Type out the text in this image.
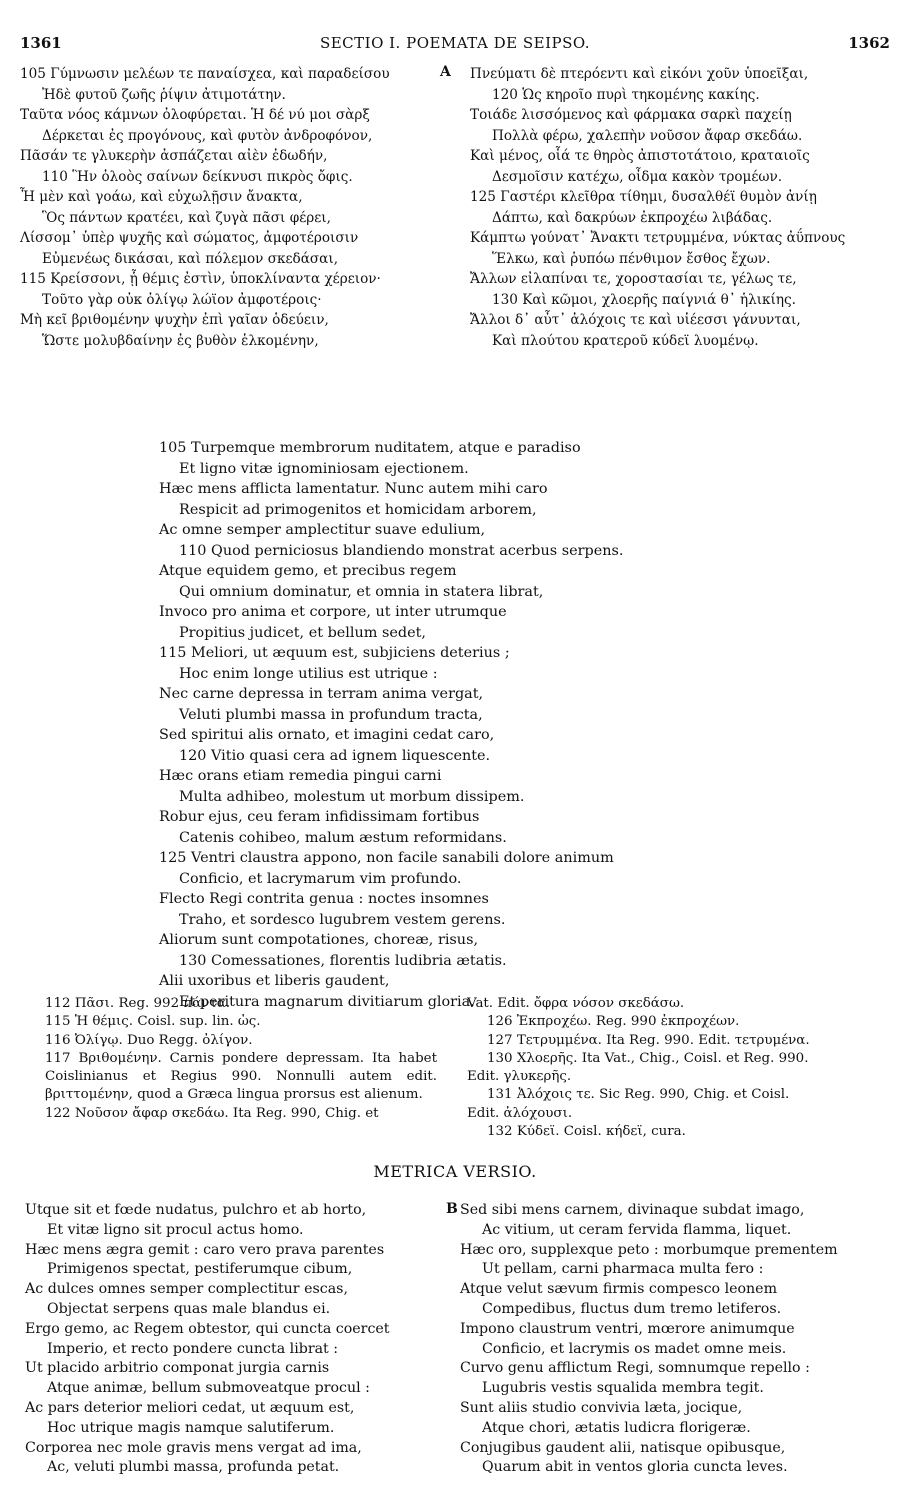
1361	SECTIO I. POEMATA DE SEIPSO.	1362
105 Γύμνωσιν μελέων τε παναίσχεα, καὶ παραδείσου
Ἠδὲ φυτοῦ ζωῆς ῥίψιν ἀτιμοτάτην.
Ταῦτα νόος κάμνων ὀλοφύρεται. Ἡ δέ νύ μοι σὰρξ
Δέρκεται ἐς προγόνους, καὶ φυτὸν ἀνδροφόνον,
Πᾶσάν τε γλυκερὴν ἀσπάζεται αἰὲν ἐδωδήν,
110 Ἣν ὀλοὸς σαίνων δείκνυσι πικρὸς ὄφις.
Ἦ μὲν καὶ γοάω, καὶ εὐχωλῇσιν ἄνακτα,
Ὃς πάντων κρατέει, καὶ ζυγὰ πᾶσι φέρει,
Λίσσομ᾽ ὑπὲρ ψυχῆς καὶ σώματος, ἀμφοτέροισιν
Εὐμενέως δικάσαι, καὶ πόλεμον σκεδάσαι,
115 Κρείσσονι, ᾗ θέμις ἐστὶν, ὑποκλίναντα χέρειον·
Τοῦτο γὰρ οὐκ ὀλίγῳ λώϊον ἀμφοτέροις·
Μὴ κεῖ βριθομένην ψυχὴν ἐπὶ γαῖαν ὁδεύειν,
Ὥστε μολυβδαίνην ἐς βυθὸν ἑλκομένην,
A Πνεύματι δὲ πτερόεντι καὶ εἰκόνι χοῦν ὑποεῖξαι,
120 Ὡς κηροῖο πυρὶ τηκομένης κακίης.
Τοιάδε λισσόμενος καὶ φάρμακα σαρκὶ παχείῃ
Πολλὰ φέρω, χαλεπὴν νοῦσον ἄφαρ σκεδάω.
Καὶ μένος, οἷά τε θηρὸς ἀπιστοτάτοιο, κραταιοῖς
Δεσμοῖσιν κατέχω, οἶδμα κακὸν τρομέων.
125 Γαστέρι κλεῖθρα τίθημι, δυσαλθέϊ θυμὸν ἀνίῃ
Δάπτω, καὶ δακρύων ἐκπροχέω λιβάδας.
Κάμπτω γούνατ᾽ Ἄνακτι τετρυμμένα, νύκτας ἀΰπνους
Ἕλκω, καὶ ῥυπόω πένθιμον ἔσθος ἔχων.
Ἄλλων εἰλαπίναι τε, χοροστασίαι τε, γέλως τε,
130 Καὶ κῶμοι, χλοερῆς παίγνιά θ᾽ ἡλικίης.
Ἄλλοι δ᾽ αὖτ᾽ ἀλόχοις τε καὶ υἱέεσσι γάνυνται,
Καὶ πλούτου κρατεροῦ κύδεϊ λυομένῳ.
105 Turpemque membrorum nuditatem, atque e paradiso
Et ligno vitæ ignominiosam ejectionem.
Hæc mens afflicta lamentatur. Nunc autem mihi caro
Respicit ad primogenitos et homicidam arborem,
Ac omne semper amplectitur suave edulium,
110 Quod perniciosus blandiendo monstrat acerbus serpens.
Atque equidem gemo, et precibus regem
Qui omnium dominatur, et omnia in statera librat,
Invoco pro anima et corpore, ut inter utrumque
Propitius judicet, et bellum sedet,
115 Meliori, ut æquum est, subjiciens deterius ;
Hoc enim longe utilius est utrique :
Nec carne depressa in terram anima vergat,
Veluti plumbi massa in profundum tracta,
Sed spiritui alis ornato, et imagini cedat caro,
120 Vitio quasi cera ad ignem liquescente.
Hæc orans etiam remedia pingui carni
Multa adhibeo, molestum ut morbum dissipem.
Robur ejus, ceu feram infidissimam fortibus
Catenis cohibeo, malum æstum reformidans.
125 Ventri claustra appono, non facile sanabili dolore animum
Conficio, et lacrymarum vim profundo.
Flecto Regi contrita genua : noctes insomnes
Traho, et sordesco lugubrem vestem gerens.
Aliorum sunt compotationes, choreæ, risus,
130 Comessationes, florentis ludibria ætatis.
Alii uxoribus et liberis gaudent,
Et peritura magnarum divitiarum gloria.
112 Πᾶσι. Reg. 992 πάντα.
115 Ἡ θέμις. Coisl. sup. lin. ὡς.
116 Ὀλίγῳ. Duo Regg. ὀλίγον.
117 Βριθομένην. Carnis pondere depressam. Ita habet Coislinianus et Regius 990. Nonnulli autem edit. βριττομένην, quod a Græca lingua prorsus est alienum.
122 Νοῦσον ἄφαρ σκεδάω. Ita Reg. 990, Chig. et
Vat. Edit. ὄφρα νόσον σκεδάσω.
126 Ἐκπροχέω. Reg. 990 ἐκπροχέων.
127 Τετρυμμένα. Ita Reg. 990. Edit. τετρυμένα.
130 Χλοερῆς. Ita Vat., Chig., Coisl. et Reg. 990.
Edit. γλυκερῆς.
131 Ἀλόχοις τε. Sic Reg. 990, Chig. et Coisl.
Edit. ἀλόχουσι.
132 Κύδεϊ. Coisl. κήδεϊ, cura.
METRICA VERSIO.
Utque sit et fœde nudatus, pulchro et ab horto,
Et vitæ ligno sit procul actus homo.
Hæc mens ægra gemit : caro vero prava parentes
Primigenos spectat, pestiferumque cibum,
Ac dulces omnes semper complectitur escas,
Objectat serpens quas male blandus ei.
Ergo gemo, ac Regem obtestor, qui cuncta coercet
Imperio, et recto pondere cuncta librat :
Ut placido arbitrio componat jurgia carnis
Atque animæ, bellum submoveatque procul :
Ac pars deterior meliori cedat, ut æquum est,
Hoc utrique magis namque salutiferum.
Corporea nec mole gravis mens vergat ad ima,
Ac, veluti plumbi massa, profunda petat.
B Sed sibi mens carnem, divinaque subdat imago,
Ac vitium, ut ceram fervida flamma, liquet.
Hæc oro, supplexque peto : morbumque prementem
Ut pellam, carni pharmaca multa fero :
Atque velut sævum firmis compesco leonem
Compedibus, fluctus dum tremo letiferos.
Impono claustrum ventri, mœrore animumque
Conficio, et lacrymis os madet omne meis.
Curvo genu afflictum Regi, somnumque repello :
Lugubris vestis squalida membra tegit.
Sunt aliis studio convivia læta, jocique,
Atque chori, ætatis ludicra florigeræ.
Conjugibus gaudent alii, natisque opibusque,
Quarum abit in ventos gloria cuncta leves.
